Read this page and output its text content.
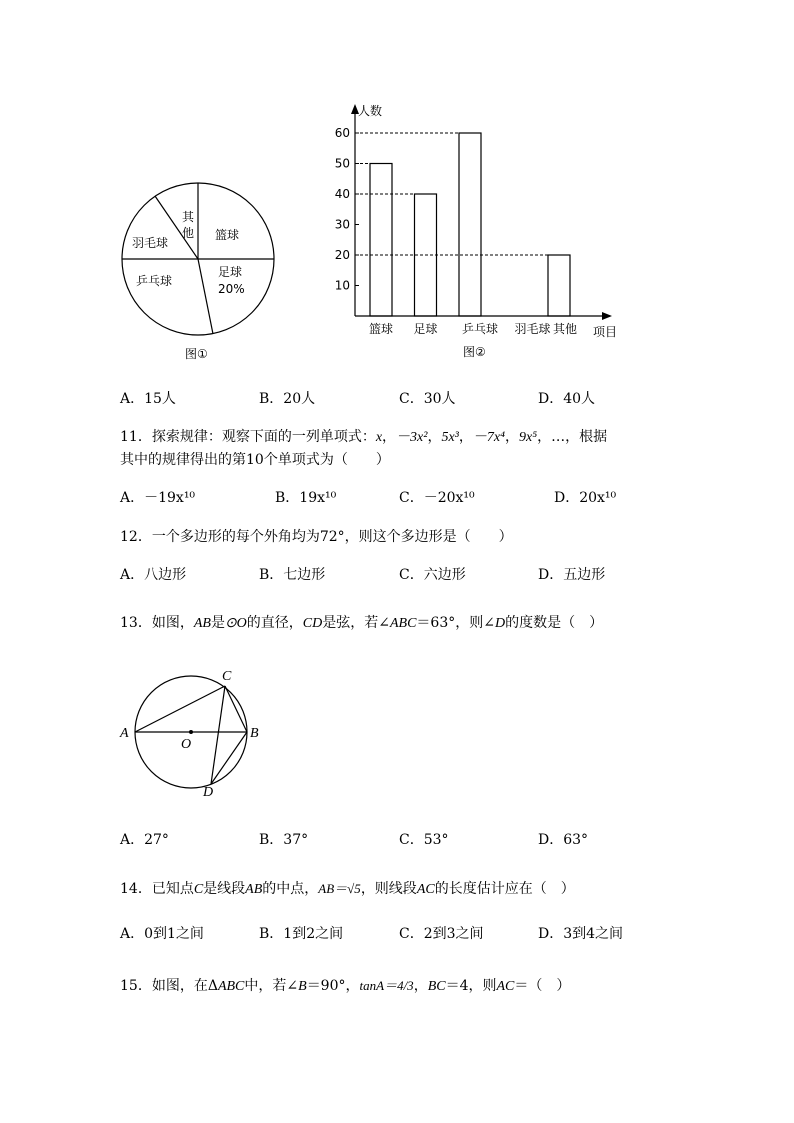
其
他 篮球
羽毛球
足球
20%
乒乓球
图①
10
20
30
40
50
60
篮球 足球 乒乓球 羽毛球 其他
人数
项目
图②
A．15人	B．20人	C．30人	D．40人
11．探索规律：观察下面的一列单项式：x，－3x²，5x³，－7x⁴，9x⁵，…，根据
其中的规律得出的第10个单项式为（　　）
A．－19x¹⁰	B．19x¹⁰	C．－20x¹⁰	D．20x¹⁰
12．一个多边形的每个外角均为72°，则这个多边形是（　　）
A．八边形	B．七边形	C．六边形	D．五边形
13．如图，AB是⊙O的直径，CD是弦，若∠ABC＝63°，则∠D的度数是（　）
A	B
C
D
O
A．27°	B．37°	C．53°	D．63°
14．已知点C是线段AB的中点，AB＝√5，则线段AC的长度估计应在（　）
A．0到1之间	B．1到2之间	C．2到3之间	D．3到4之间
15．如图，在ΔABC中，若∠B＝90°，tanA＝4/3，BC＝4，则AC＝（　）
